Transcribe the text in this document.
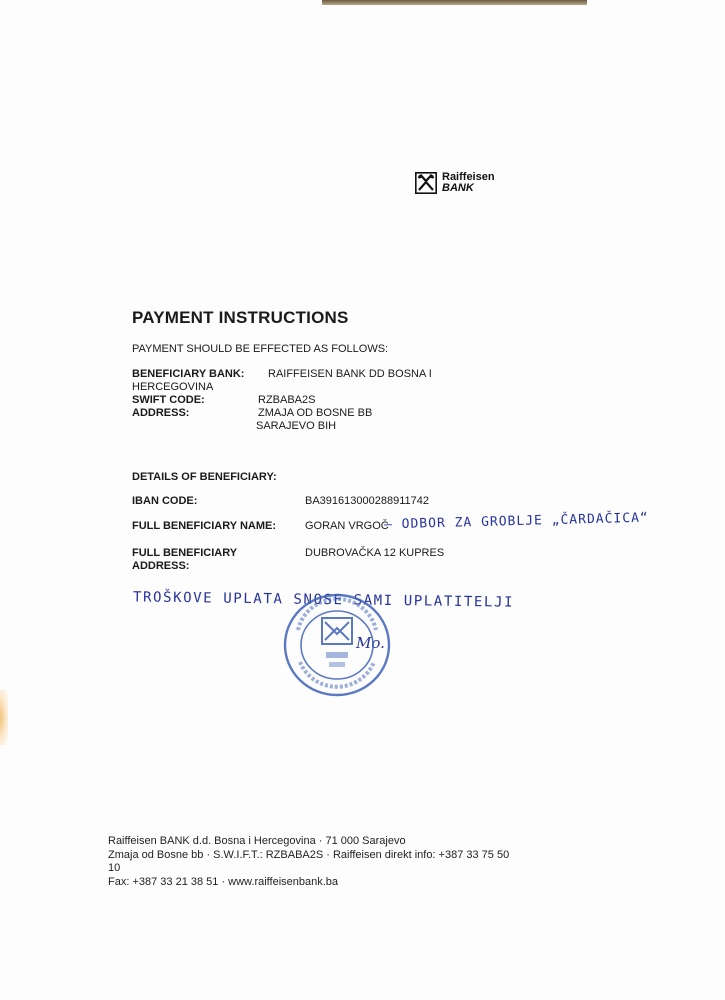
Raiffeisen
BANK
PAYMENT INSTRUCTIONS
PAYMENT SHOULD BE EFFECTED AS FOLLOWS:
BENEFICIARY BANK: RAIFFEISEN BANK DD BOSNA I
HERCEGOVINA
SWIFT CODE:	RZBABA2S
ADDRESS:	ZMAJA OD BOSNE BB
SARAJEVO BIH
DETAILS OF BENEFICIARY:
IBAN CODE:	BA391613000288911742
FULL BENEFICIARY NAME:	GORAN VRGOČ
FULL BENEFICIARY
ADDRESS:
DUBROVAČKA 12 KUPRES
– ODBOR ZA GROBLJE „ČARDAČICA“
TROŠKOVE UPLATA SNOSE SAMI UPLATITELJI
Mo.
Raiffeisen BANK d.d. Bosna i Hercegovina · 71 000 Sarajevo
Zmaja od Bosne bb · S.W.I.F.T.: RZBABA2S · Raiffeisen direkt info: +387 33 75 50
10
Fax: +387 33 21 38 51 · www.raiffeisenbank.ba
